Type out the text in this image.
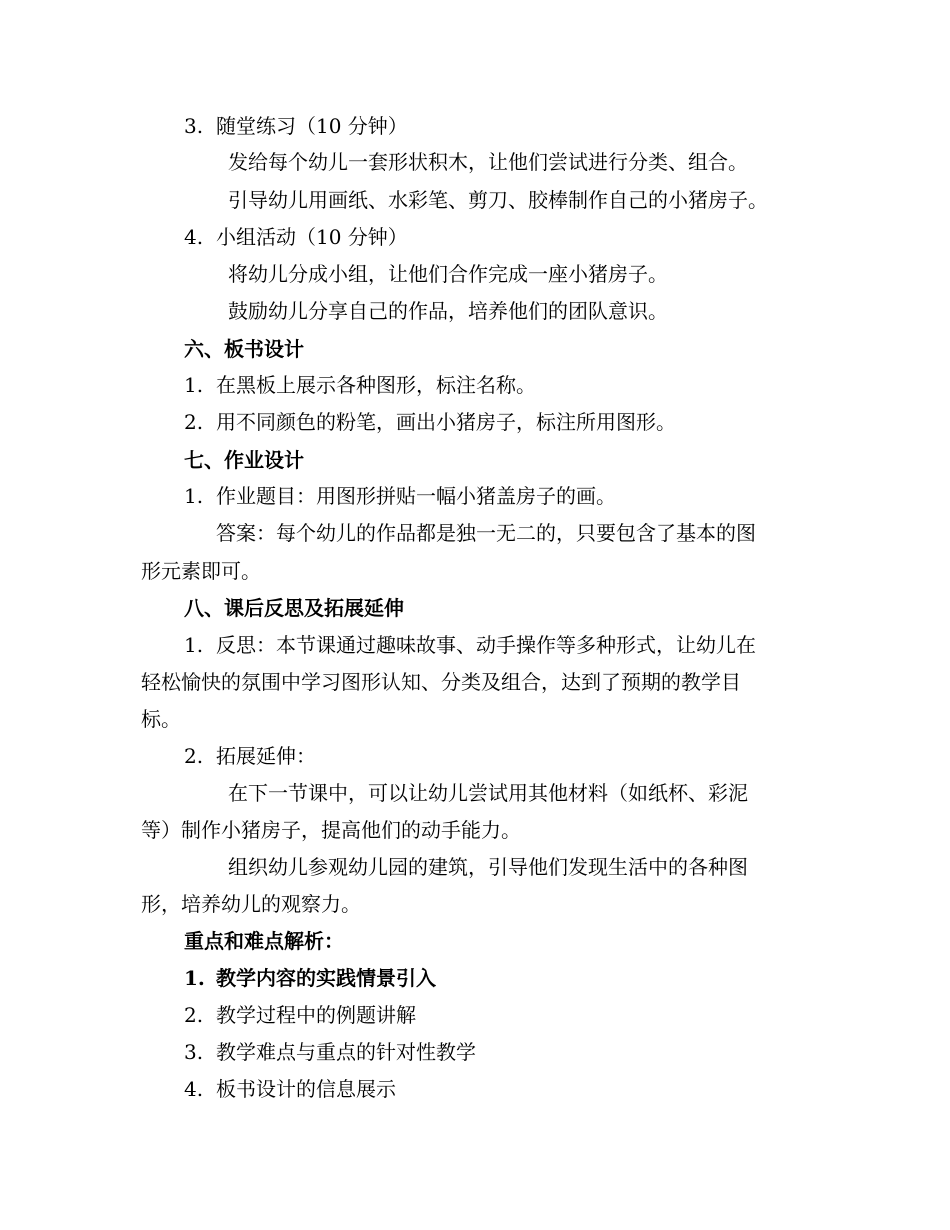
3. 随堂练习（10 分钟）
发给每个幼儿一套形状积木，让他们尝试进行分类、组合。
引导幼儿用画纸、水彩笔、剪刀、胶棒制作自己的小猪房子。
4. 小组活动（10 分钟）
将幼儿分成小组，让他们合作完成一座小猪房子。
鼓励幼儿分享自己的作品，培养他们的团队意识。
六、板书设计
1. 在黑板上展示各种图形，标注名称。
2. 用不同颜色的粉笔，画出小猪房子，标注所用图形。
七、作业设计
1. 作业题目：用图形拼贴一幅小猪盖房子的画。
答案：每个幼儿的作品都是独一无二的，只要包含了基本的图
形元素即可。
八、课后反思及拓展延伸
1. 反思：本节课通过趣味故事、动手操作等多种形式，让幼儿在
轻松愉快的氛围中学习图形认知、分类及组合，达到了预期的教学目
标。
2. 拓展延伸：
在下一节课中，可以让幼儿尝试用其他材料（如纸杯、彩泥
等）制作小猪房子，提高他们的动手能力。
组织幼儿参观幼儿园的建筑，引导他们发现生活中的各种图
形，培养幼儿的观察力。
重点和难点解析：
1. 教学内容的实践情景引入
2. 教学过程中的例题讲解
3. 教学难点与重点的针对性教学
4. 板书设计的信息展示
